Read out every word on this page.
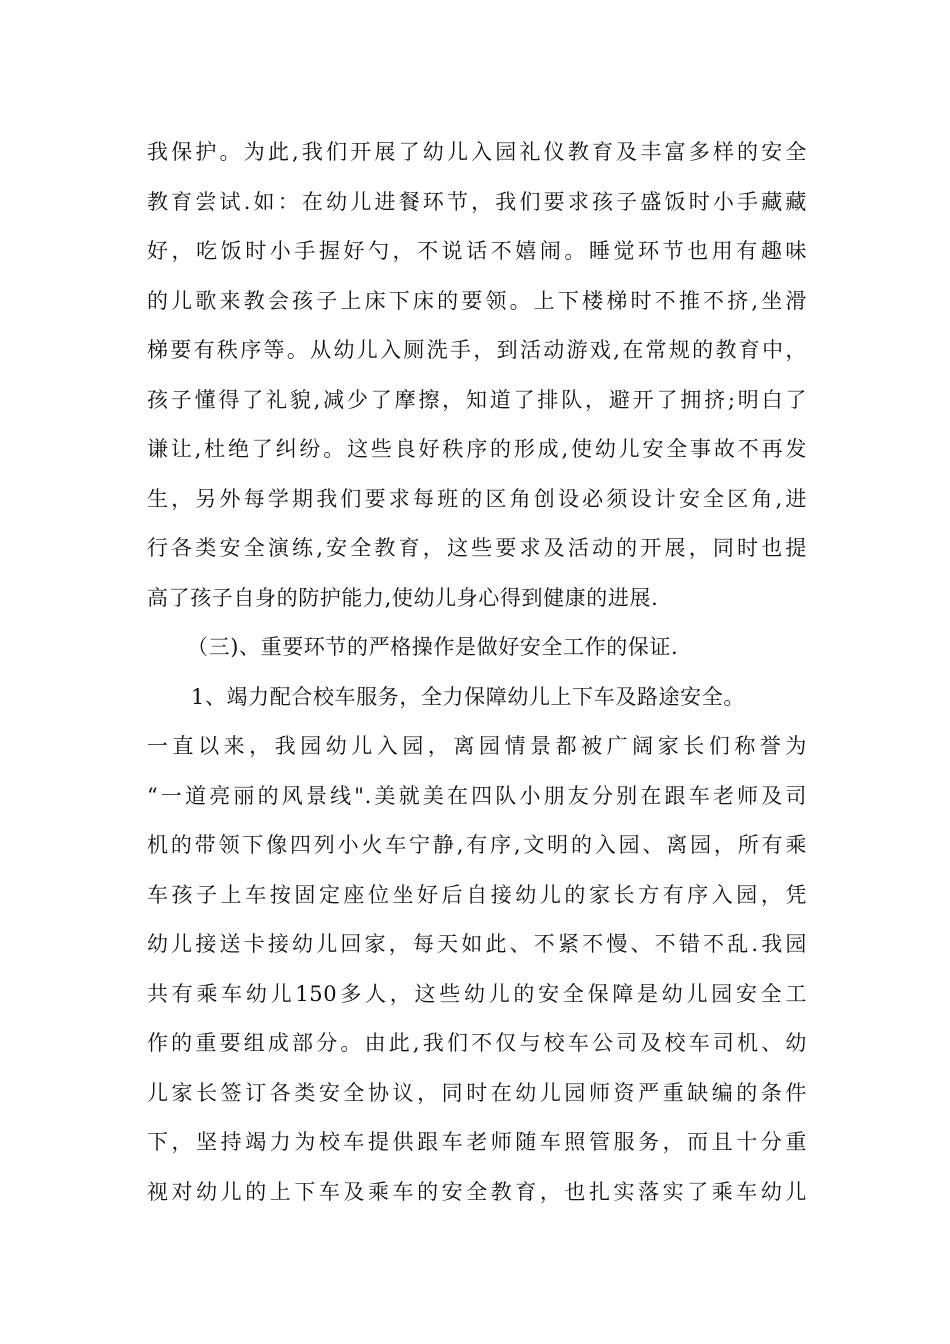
我保护。为此,我们开展了幼儿入园礼仪教育及丰富多样的安全
教育尝试.如：在幼儿进餐环节，我们要求孩子盛饭时小手藏藏
好，吃饭时小手握好勺，不说话不嬉闹。睡觉环节也用有趣味
的儿歌来教会孩子上床下床的要领。上下楼梯时不推不挤,坐滑
梯要有秩序等。从幼儿入厕洗手，到活动游戏,在常规的教育中，
孩子懂得了礼貌,减少了摩擦，知道了排队，避开了拥挤;明白了
谦让,杜绝了纠纷。这些良好秩序的形成,使幼儿安全事故不再发
生，另外每学期我们要求每班的区角创设必须设计安全区角,进
行各类安全演练,安全教育，这些要求及活动的开展，同时也提
高了孩子自身的防护能力,使幼儿身心得到健康的进展.
（三)、重要环节的严格操作是做好安全工作的保证.
1、竭力配合校车服务，全力保障幼儿上下车及路途安全。
一直以来，我园幼儿入园，离园情景都被广阔家长们称誉为
“一道亮丽的风景线".美就美在四队小朋友分别在跟车老师及司
机的带领下像四列小火车宁静,有序,文明的入园、离园，所有乘
车孩子上车按固定座位坐好后自接幼儿的家长方有序入园，凭
幼儿接送卡接幼儿回家，每天如此、不紧不慢、不错不乱.我园
共有乘车幼儿150多人，这些幼儿的安全保障是幼儿园安全工
作的重要组成部分。由此,我们不仅与校车公司及校车司机、幼
儿家长签订各类安全协议，同时在幼儿园师资严重缺编的条件
下，坚持竭力为校车提供跟车老师随车照管服务，而且十分重
视对幼儿的上下车及乘车的安全教育，也扎实落实了乘车幼儿
